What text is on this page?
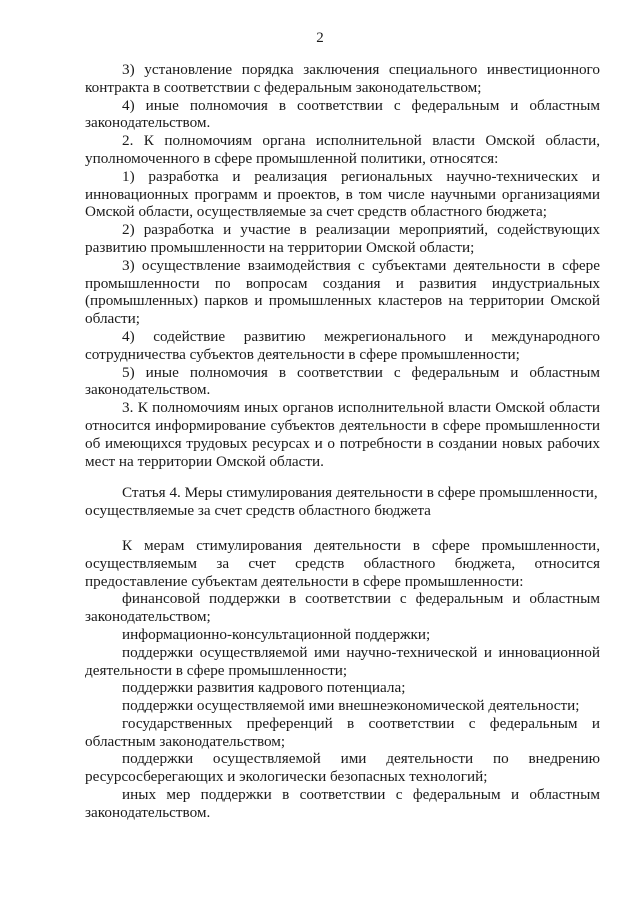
2

3) установление порядка заключения специального инвестиционного контракта в соответствии с федеральным законодательством;

4) иные полномочия в соответствии с федеральным и областным законодательством.

2. К полномочиям органа исполнительной власти Омской области, уполномоченного в сфере промышленной политики, относятся:

1) разработка и реализация региональных научно-технических и инновационных программ и проектов, в том числе научными организациями Омской области, осуществляемые за счет средств областного бюджета;

2) разработка и участие в реализации мероприятий, содействующих развитию промышленности на территории Омской области;

3) осуществление взаимодействия с субъектами деятельности в сфере промышленности по вопросам создания и развития индустриальных (промышленных) парков и промышленных кластеров на территории Омской области;

4) содействие развитию межрегионального и международного сотрудничества субъектов деятельности в сфере промышленности;

5) иные полномочия в соответствии с федеральным и областным законодательством.

3. К полномочиям иных органов исполнительной власти Омской области относится информирование субъектов деятельности в сфере промышленности об имеющихся трудовых ресурсах и о потребности в создании новых рабочих мест на территории Омской области.

Статья 4. Меры стимулирования деятельности в сфере промышленности, осуществляемые за счет средств областного бюджета

К мерам стимулирования деятельности в сфере промышленности, осуществляемым за счет средств областного бюджета, относится предоставление субъектам деятельности в сфере промышленности:

финансовой поддержки в соответствии с федеральным и областным законодательством;

информационно-консультационной поддержки;

поддержки осуществляемой ими научно-технической и инновационной деятельности в сфере промышленности;

поддержки развития кадрового потенциала;

поддержки осуществляемой ими внешнеэкономической деятельности;

государственных преференций в соответствии с федеральным и областным законодательством;

поддержки осуществляемой ими деятельности по внедрению ресурсосберегающих и экологически безопасных технологий;

иных мер поддержки в соответствии с федеральным и областным законодательством.
